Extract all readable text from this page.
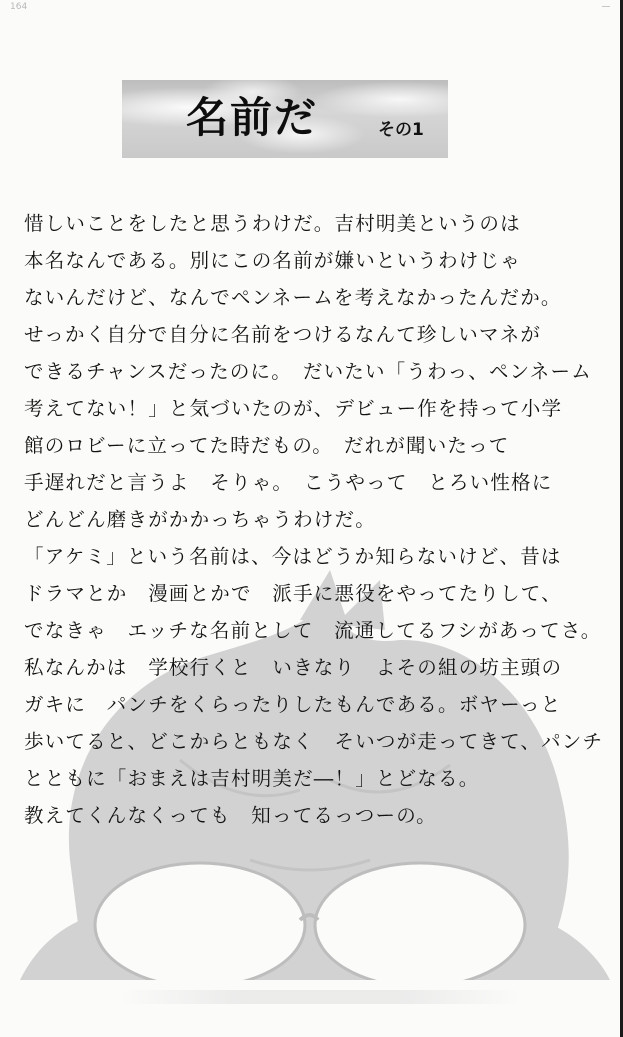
164
名前だ	その1
惜しいことをしたと思うわけだ。吉村明美というのは
本名なんである。別にこの名前が嫌いというわけじゃ
ないんだけど、なんでペンネームを考えなかったんだか。
せっかく自分で自分に名前をつけるなんて珍しいマネが
できるチャンスだったのに。　だいたい「うわっ、ペンネーム
考えてない！」と気づいたのが、デビュー作を持って小学
館のロビーに立ってた時だもの。　だれが聞いたって
手遅れだと言うよ　そりゃ。　こうやって　とろい性格に
どんどん磨きがかかっちゃうわけだ。
「アケミ」という名前は、今はどうか知らないけど、昔は
ドラマとか　漫画とかで　派手に悪役をやってたりして、
でなきゃ　エッチな名前として　流通してるフシがあってさ。
私なんかは　学校行くと　いきなり　よその組の坊主頭の
ガキに　パンチをくらったりしたもんである。ボヤーっと
歩いてると、どこからともなく　そいつが走ってきて、パンチ
とともに「おまえは吉村明美だ―！」とどなる。
教えてくんなくっても　知ってるっつーの。
